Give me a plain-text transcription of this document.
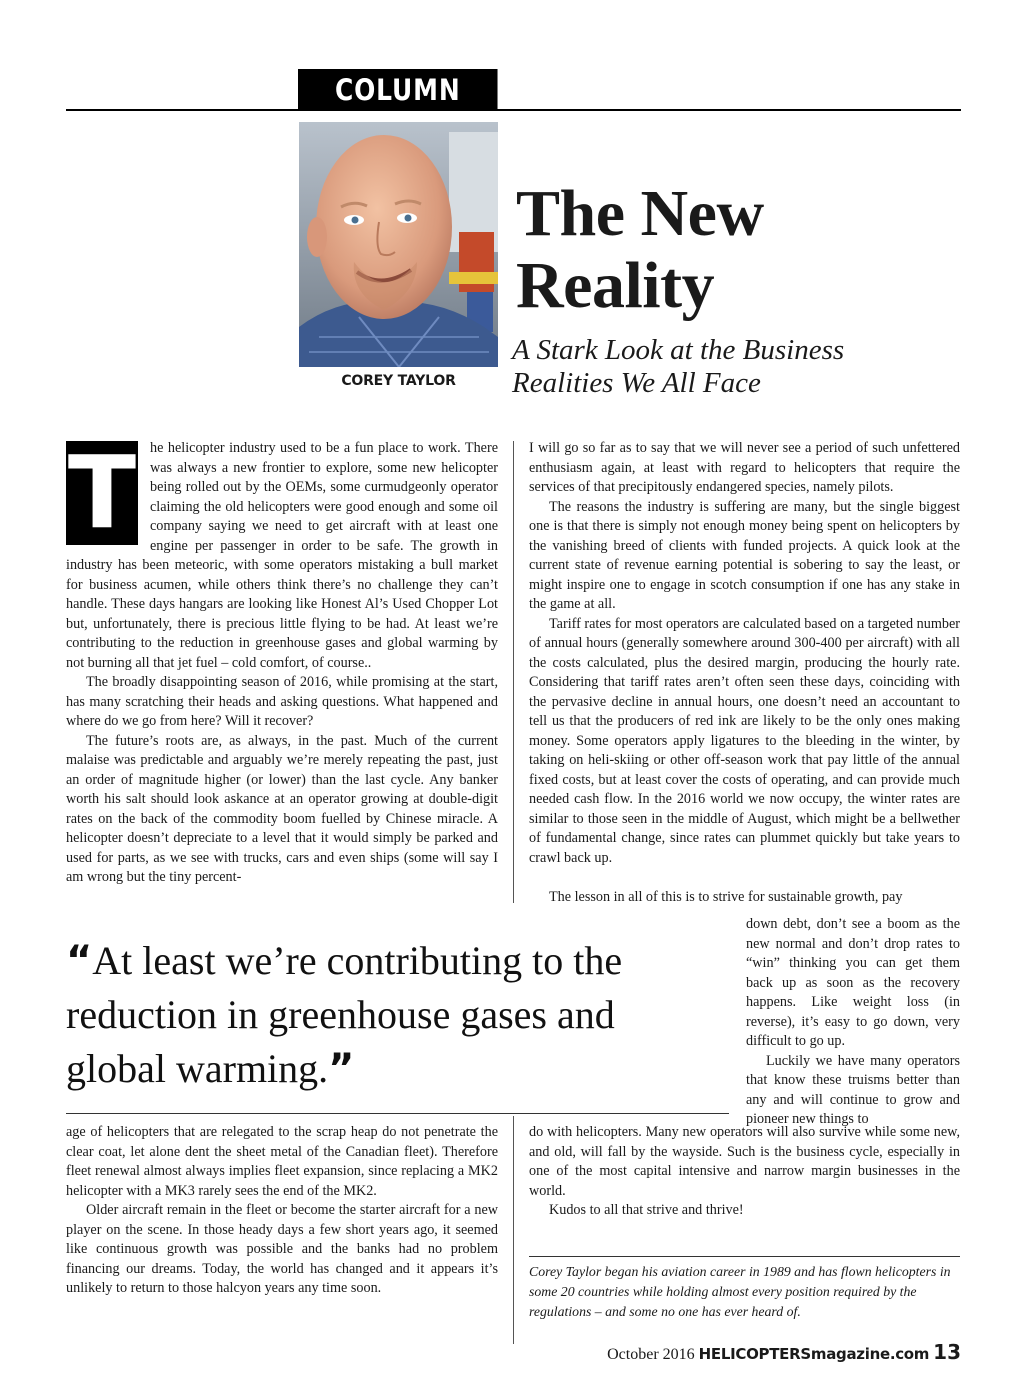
COLUMN
COREY TAYLOR
The New
Reality
A Stark Look at the Business
Realities We All Face
T he helicopter industry used to be a fun place to work. There was always a new frontier to explore, some new helicopter being rolled out by the OEMs, some curmudgeonly operator claiming the old helicopters were good enough and some oil company saying we need to get aircraft with at least one engine per passenger in order to be safe. The growth in industry has been meteoric, with some operators mistaking a bull market for business acumen, while others think there’s no challenge they can’t handle. These days hangars are looking like Honest Al’s Used Chopper Lot but, unfortunately, there is precious little flying to be had. At least we’re contributing to the reduction in greenhouse gases and global warming by not burning all that jet fuel – cold comfort, of course..

The broadly disappointing season of 2016, while promising at the start, has many scratching their heads and asking questions. What happened and where do we go from here? Will it recover?

The future’s roots are, as always, in the past. Much of the current malaise was predictable and arguably we’re merely repeating the past, just an order of magnitude higher (or lower) than the last cycle. Any banker worth his salt should look askance at an operator growing at double-digit rates on the back of the commodity boom fuelled by Chinese miracle. A helicopter doesn’t depreciate to a level that it would simply be parked and used for parts, as we see with trucks, cars and even ships (some will say I am wrong but the tiny percent-

I will go so far as to say that we will never see a period of such unfettered enthusiasm again, at least with regard to helicopters that require the services of that precipitously endangered species, namely pilots.

The reasons the industry is suffering are many, but the single biggest one is that there is simply not enough money being spent on helicopters by the vanishing breed of clients with funded projects. A quick look at the current state of revenue earning potential is sobering to say the least, or might inspire one to engage in scotch consumption if one has any stake in the game at all.

Tariff rates for most operators are calculated based on a targeted number of annual hours (generally somewhere around 300-400 per aircraft) with all the costs calculated, plus the desired margin, producing the hourly rate. Considering that tariff rates aren’t often seen these days, coinciding with the pervasive decline in annual hours, one doesn’t need an accountant to tell us that the producers of red ink are likely to be the only ones making money. Some operators apply ligatures to the bleeding in the winter, by taking on heli-skiing or other off-season work that pay little of the annual fixed costs, but at least cover the costs of operating, and can provide much needed cash flow. In the 2016 world we now occupy, the winter rates are similar to those seen in the middle of August, which might be a bellwether of fundamental change, since rates can plummet quickly but take years to crawl back up.

The lesson in all of this is to strive for sustainable growth, pay

“At least we’re contributing to the reduction in greenhouse gases and global warming.”

down debt, don’t see a boom as the new normal and don’t drop rates to “win” thinking you can get them back up as soon as the recovery happens. Like weight loss (in reverse), it’s easy to go down, very difficult to go up.

Luckily we have many operators that know these truisms better than any and will continue to grow and pioneer new things to

age of helicopters that are relegated to the scrap heap do not penetrate the clear coat, let alone dent the sheet metal of the Canadian fleet). Therefore fleet renewal almost always implies fleet expansion, since replacing a MK2 helicopter with a MK3 rarely sees the end of the MK2.

Older aircraft remain in the fleet or become the starter aircraft for a new player on the scene. In those heady days a few short years ago, it seemed like continuous growth was possible and the banks had no problem financing our dreams. Today, the world has changed and it appears it’s unlikely to return to those halcyon years any time soon.

do with helicopters. Many new operators will also survive while some new, and old, will fall by the wayside. Such is the business cycle, especially in one of the most capital intensive and narrow margin businesses in the world.

Kudos to all that strive and thrive!

Corey Taylor began his aviation career in 1989 and has flown helicopters in some 20 countries while holding almost every position required by the regulations – and some no one has ever heard of.
October 2016 HELICOPTERSmagazine.com 13
